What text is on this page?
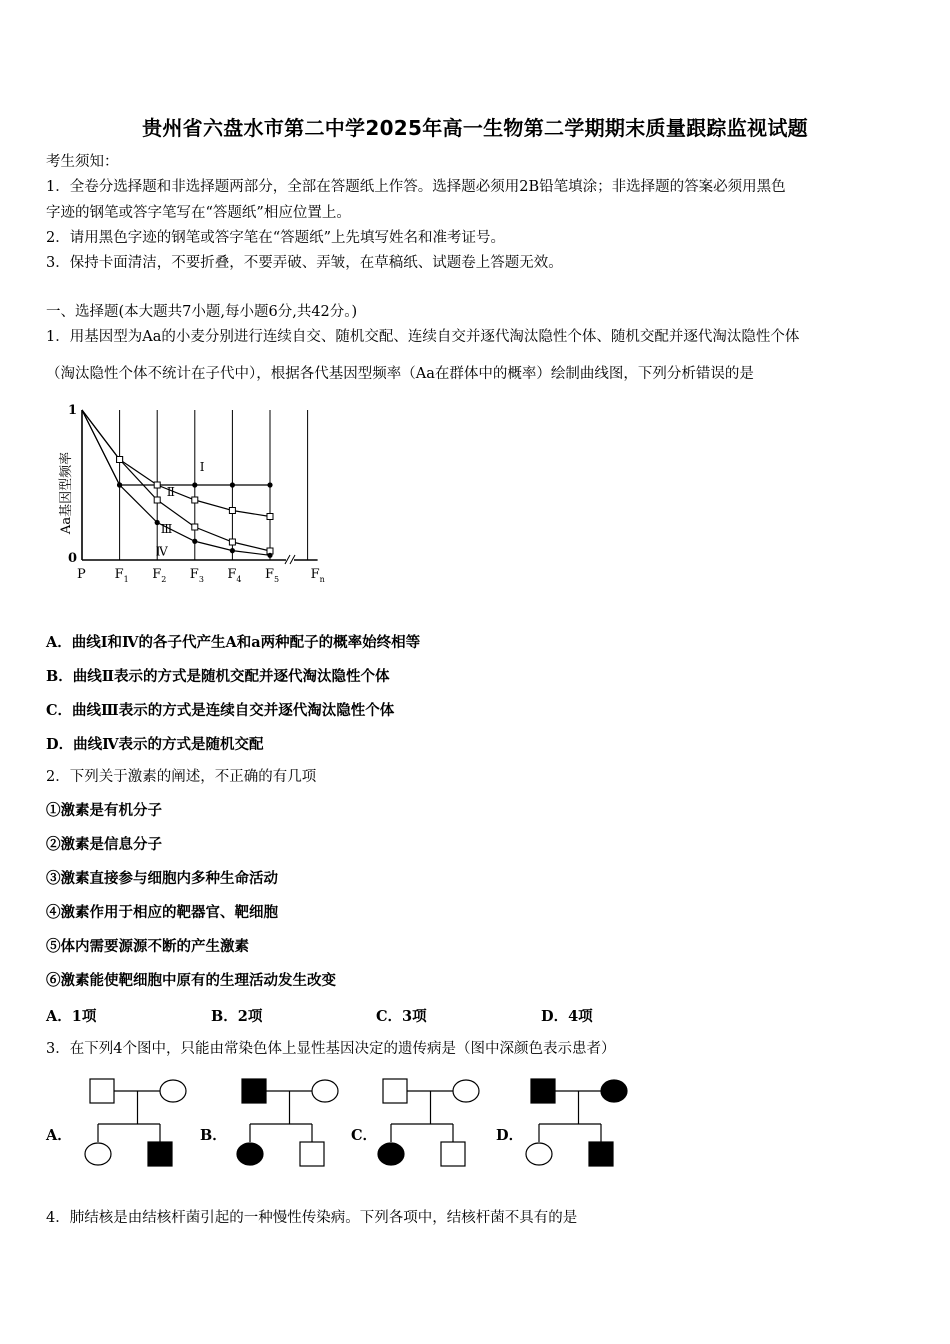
贵州省六盘水市第二中学2025年高一生物第二学期期末质量跟踪监视试题
考生须知：
1．全卷分选择题和非选择题两部分，全部在答题纸上作答。选择题必须用2B铅笔填涂；非选择题的答案必须用黑色
字迹的钢笔或答字笔写在“答题纸”相应位置上。
2．请用黑色字迹的钢笔或答字笔在“答题纸”上先填写姓名和准考证号。
3．保持卡面清洁，不要折叠，不要弄破、弄皱，在草稿纸、试题卷上答题无效。
一、选择题(本大题共7小题,每小题6分,共42分。)
1．用基因型为Aa的小麦分别进行连续自交、随机交配、连续自交并逐代淘汰隐性个体、随机交配并逐代淘汰隐性个体
（淘汰隐性个体不统计在子代中），根据各代基因型频率（Aa在群体中的概率）绘制曲线图，下列分析错误的是
Ⅰ
Ⅱ
Ⅲ
Ⅳ
1
0
Aa基因型频率
P $F_1$ $F_2$ $F_3$ $F_4$ $F_5$ $F_n$
A．曲线Ⅰ和Ⅳ的各子代产生A和a两种配子的概率始终相等
B．曲线Ⅱ表示的方式是随机交配并逐代淘汰隐性个体
C．曲线Ⅲ表示的方式是连续自交并逐代淘汰隐性个体
D．曲线Ⅳ表示的方式是随机交配
2．下列关于激素的阐述，不正确的有几项
①激素是有机分子
②激素是信息分子
③激素直接参与细胞内多种生命活动
④激素作用于相应的靶器官、靶细胞
⑤体内需要源源不断的产生激素
⑥激素能使靶细胞中原有的生理活动发生改变
A．1项	B．2项	C．3项	D．4项
3．在下列4个图中，只能由常染色体上显性基因决定的遗传病是（图中深颜色表示患者）
A．	B．	C．	D．
4．肺结核是由结核杆菌引起的一种慢性传染病。下列各项中，结核杆菌不具有的是
